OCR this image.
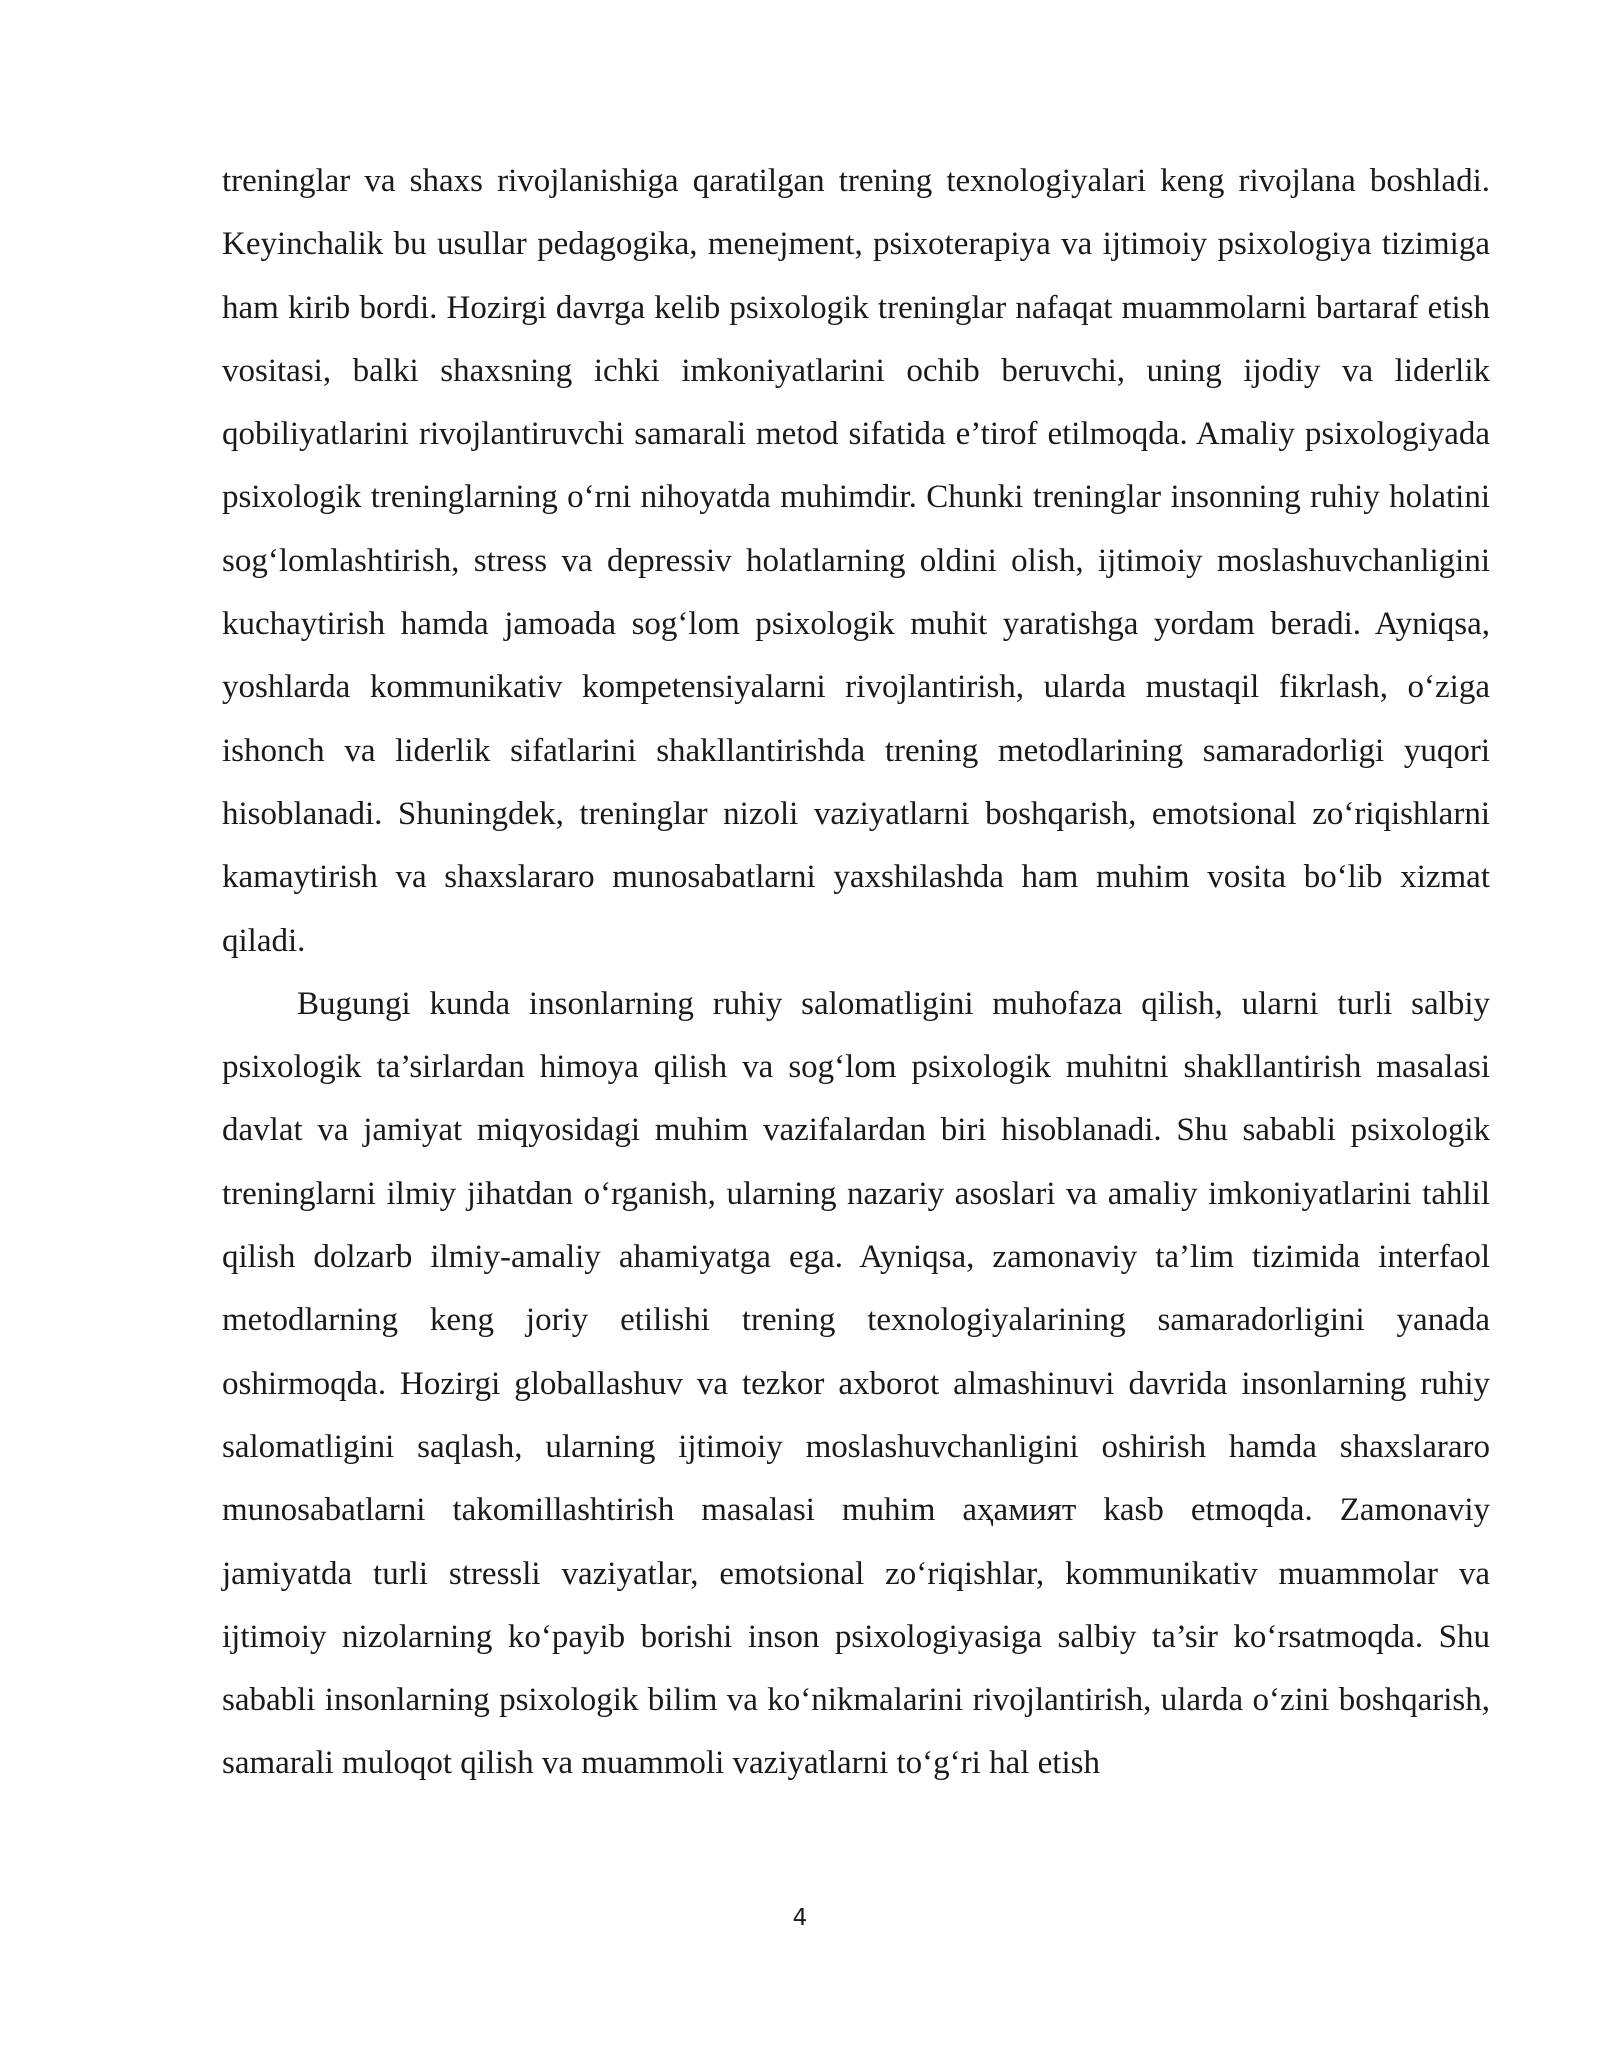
treninglar va shaxs rivojlanishiga qaratilgan trening texnologiyalari keng rivojlana boshladi. Keyinchalik bu usullar pedagogika, menejment, psixoterapiya va ijtimoiy psixologiya tizimiga ham kirib bordi. Hozirgi davrga kelib psixologik treninglar nafaqat muammolarni bartaraf etish vositasi, balki shaxsning ichki imkoniyatlarini ochib beruvchi, uning ijodiy va liderlik qobiliyatlarini rivojlantiruvchi samarali metod sifatida e’tirof etilmoqda. Amaliy psixologiyada psixologik treninglarning o‘rni nihoyatda muhimdir. Chunki treninglar insonning ruhiy holatini sog‘lomlashtirish, stress va depressiv holatlarning oldini olish, ijtimoiy moslashuvchanligini kuchaytirish hamda jamoada sog‘lom psixologik muhit yaratishga yordam beradi. Ayniqsa, yoshlarda kommunikativ kompetensiyalarni rivojlantirish, ularda mustaqil fikrlash, o‘ziga ishonch va liderlik sifatlarini shakllantirishda trening metodlarining samaradorligi yuqori hisoblanadi. Shuningdek, treninglar nizoli vaziyatlarni boshqarish, emotsional zo‘riqishlarni kamaytirish va shaxslararo munosabatlarni yaxshilashda ham muhim vosita bo‘lib xizmat qiladi.

Bugungi kunda insonlarning ruhiy salomatligini muhofaza qilish, ularni turli salbiy psixologik ta’sirlardan himoya qilish va sog‘lom psixologik muhitni shakllantirish masalasi davlat va jamiyat miqyosidagi muhim vazifalardan biri hisoblanadi. Shu sababli psixologik treninglarni ilmiy jihatdan o‘rganish, ularning nazariy asoslari va amaliy imkoniyatlarini tahlil qilish dolzarb ilmiy-amaliy ahamiyatga ega. Ayniqsa, zamonaviy ta’lim tizimida interfaol metodlarning keng joriy etilishi trening texnologiyalarining samaradorligini yanada oshirmoqda. Hozirgi globallashuv va tezkor axborot almashinuvi davrida insonlarning ruhiy salomatligini saqlash, ularning ijtimoiy moslashuvchanligini oshirish hamda shaxslararo munosabatlarni takomillashtirish masalasi muhim аҳамият kasb etmoqda. Zamonaviy jamiyatda turli stressli vaziyatlar, emotsional zo‘riqishlar, kommunikativ muammolar va ijtimoiy nizolarning ko‘payib borishi inson psixologiyasiga salbiy ta’sir ko‘rsatmoqda. Shu sababli insonlarning psixologik bilim va ko‘nikmalarini rivojlantirish, ularda o‘zini boshqarish, samarali muloqot qilish va muammoli vaziyatlarni to‘g‘ri hal etish

4
